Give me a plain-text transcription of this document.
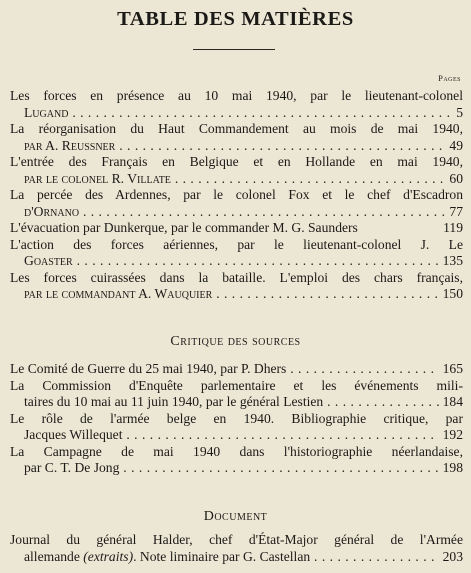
TABLE DES MATIÈRES
Pages
Les forces en présence au 10 mai 1940, par le lieutenant-colonel
Lugand . . .	5
La réorganisation du Haut Commandement au mois de mai 1940,
par A. Reussner . . .	49
L'entrée des Français en Belgique et en Hollande en mai 1940,
par le colonel R. Villate . . .	60
La percée des Ardennes, par le colonel Fox et le chef d'Escadron
d'Ornano . . .	77
L'évacuation par Dunkerque, par le commander M. G. Saunders	119
L'action des forces aériennes, par le lieutenant-colonel J. Le
Goaster . . .	135
Les forces cuirassées dans la bataille. L'emploi des chars français,
par le commandant A. Wauquier . . .	150
Critique des sources
Le Comité de Guerre du 25 mai 1940, par P. Dhers . . .	165
La Commission d'Enquête parlementaire et les événements mili-
taires du 10 mai au 11 juin 1940, par le général Lestien . . .	184
Le rôle de l'armée belge en 1940. Bibliographie critique, par
Jacques Willequet . . .	192
La Campagne de mai 1940 dans l'historiographie néerlandaise,
par C. T. De Jong . . .	198
Document
Journal du général Halder, chef d'État-Major général de l'Armée
allemande (extraits). Note liminaire par G. Castellan . . .	203
